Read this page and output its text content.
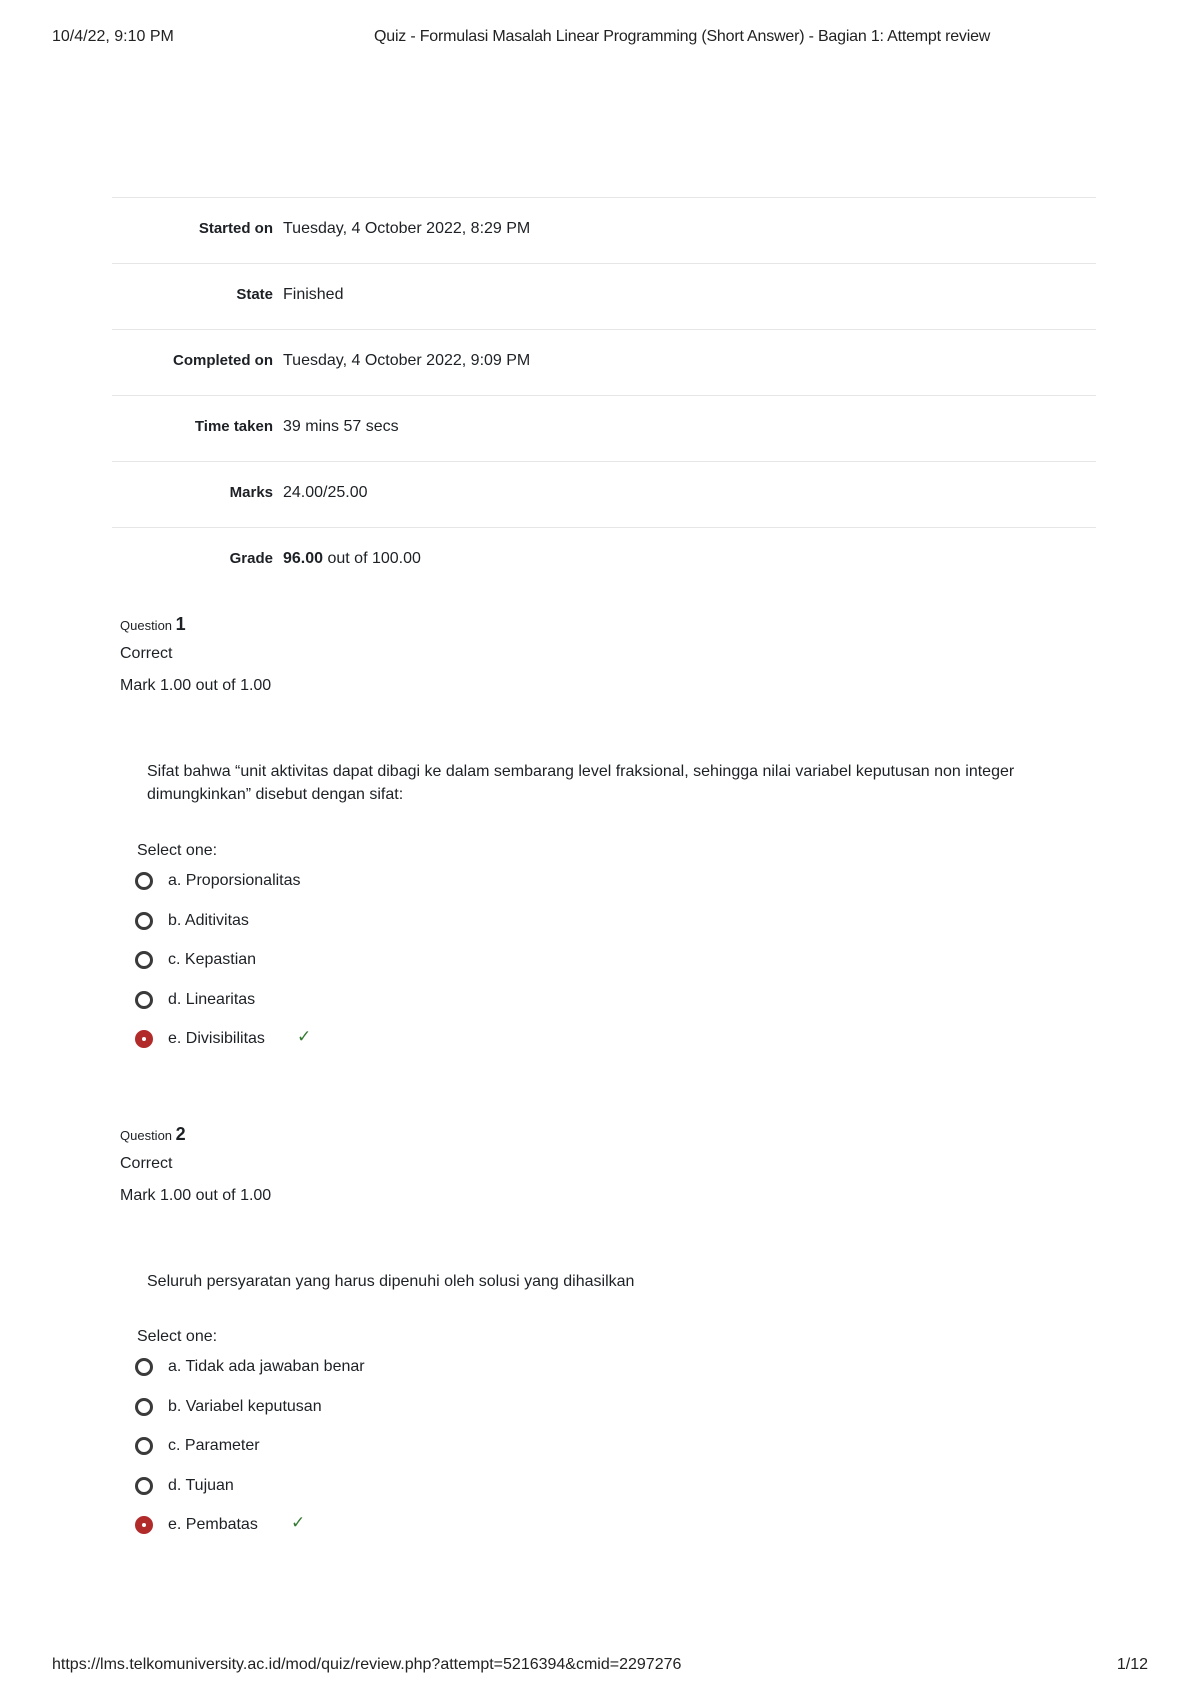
10/4/22, 9:10 PM	Quiz - Formulasi Masalah Linear Programming (Short Answer) - Bagian 1: Attempt review
Started on Tuesday, 4 October 2022, 8:29 PM
State Finished
Completed on Tuesday, 4 October 2022, 9:09 PM
Time taken 39 mins 57 secs
Marks 24.00/25.00
Grade 96.00 out of 100.00
Question 1
Correct
Mark 1.00 out of 1.00
Sifat bahwa “unit aktivitas dapat dibagi ke dalam sembarang level fraksional, sehingga nilai variabel keputusan non integer dimungkinkan” disebut dengan sifat:
Select one:
a. Proporsionalitas
b. Aditivitas
c. Kepastian
d. Linearitas
e. Divisibilitas ✓
Question 2
Correct
Mark 1.00 out of 1.00
Seluruh persyaratan yang harus dipenuhi oleh solusi yang dihasilkan
Select one:
a. Tidak ada jawaban benar
b. Variabel keputusan
c. Parameter
d. Tujuan
e. Pembatas ✓
https://lms.telkomuniversity.ac.id/mod/quiz/review.php?attempt=5216394&cmid=2297276	1/12
